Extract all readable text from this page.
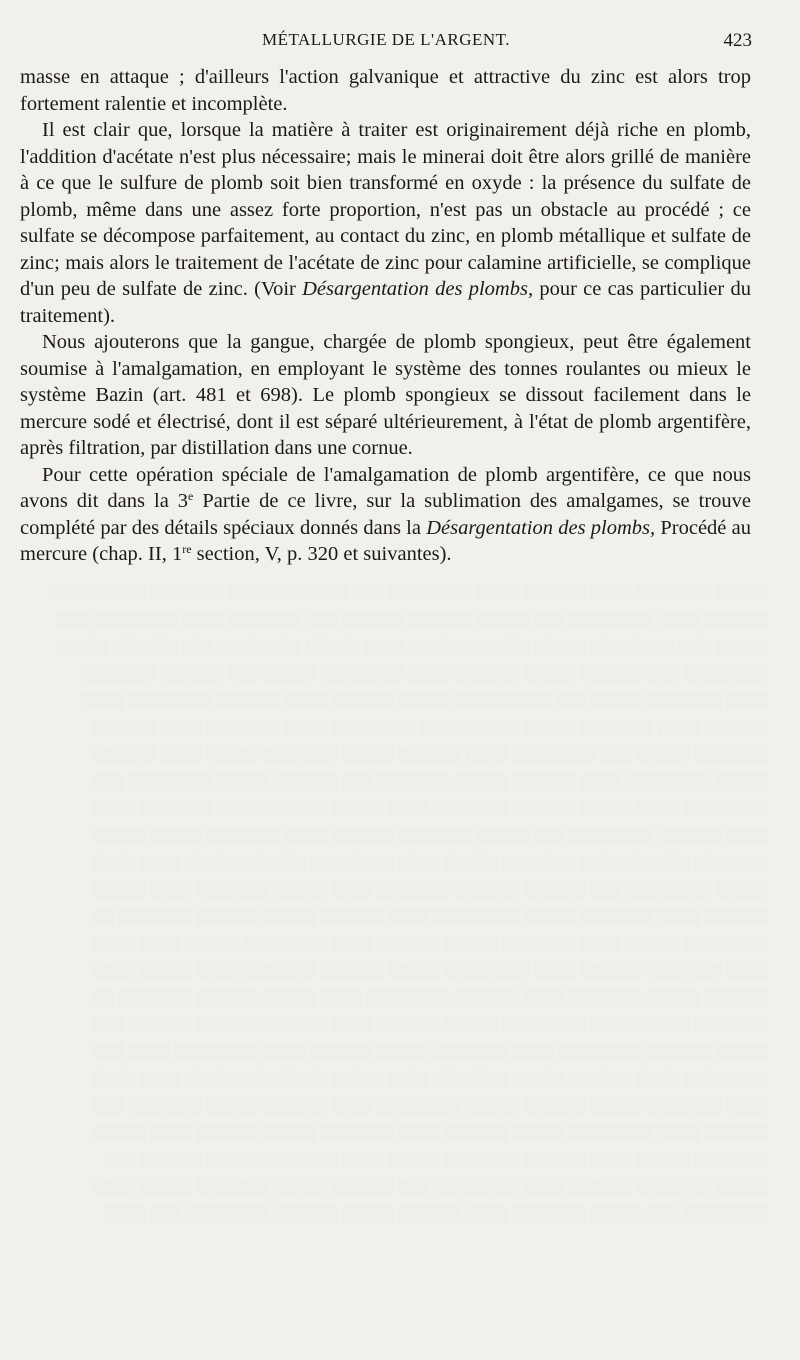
MÉTALLURGIE DE L'ARGENT.	423

masse en attaque ; d'ailleurs l'action galvanique et attractive du zinc est alors trop fortement ralentie et incomplète.

Il est clair que, lorsque la matière à traiter est originairement déjà riche en plomb, l'addition d'acétate n'est plus nécessaire; mais le minerai doit être alors grillé de manière à ce que le sulfure de plomb soit bien transformé en oxyde : la présence du sulfate de plomb, même dans une assez forte proportion, n'est pas un obstacle au procédé ; ce sulfate se décompose parfaitement, au contact du zinc, en plomb métallique et sulfate de zinc; mais alors le traitement de l'acétate de zinc pour calamine artificielle, se complique d'un peu de sulfate de zinc. (Voir Désargentation des plombs, pour ce cas particulier du traitement).

Nous ajouterons que la gangue, chargée de plomb spongieux, peut être également soumise à l'amalgamation, en employant le système des tonnes roulantes ou mieux le système Bazin (art. 481 et 698). Le plomb spongieux se dissout facilement dans le mercure sodé et électrisé, dont il est séparé ultérieurement, à l'état de plomb argentifère, après filtration, par distillation dans une cornue.

Pour cette opération spéciale de l'amalgamation de plomb argentifère, ce que nous avons dit dans la 3e Partie de ce livre, sur la sublimation des amalgames, se trouve complété par des détails spéciaux donnés dans la Désargentation des plombs, Procédé au mercure (chap. II, 1re section, V, p. 320 et suivantes).

░░░░░ ░░░░░░░ ░░░░ ░░░░░░ ░░░░ ░░░░░░░░ ░░░ ░░░░░ ░░░░░░ ░░░░░░░ ░░░░░ ░░░░
░░░░░░ ░░░░ ░░░░░░░░ ░░░ ░░░░░ ░░░░░░ ░░░░░░ ░░░ ░░░░░░░ ░░░░ ░░░░░░░░ ░░░
░░░░░ ░░░ ░░░░░░░░ ░░░░░ ░░░░ ░░░░░░░ ░░░░ ░░░░░ ░░░░░░░░ ░░░ ░░░░░░ ░░░░░
░░░░░░░░ ░░░ ░░░░░░ ░░░░░ ░░░░░░ ░░░░ ░░░░░░░░ ░░░░░ ░░░ ░░░░░░ ░░░░░░░
░░░░ ░░░░░░░ ░░░░░ ░░░ ░░░░░░░░░ ░░░░░ ░░░░░░ ░░░░ ░░░░░░ ░░░░░░░░ ░░░░
░░░░░░ ░░░░ ░░░░░░░ ░░░░░ ░░░░░░ ░░░ ░░░░░░░░ ░░░░ ░░░░░░░ ░░░░ ░░░░░░
░░░░░░░ ░░░░░ ░░░ ░░░░░░░░ ░░░░ ░░░░░░ ░░░░░ ░░░░░░░ ░░░░░ ░░░░ ░░░░░░
░░░░░ ░░░░░░░░ ░░░░ ░░░░░░ ░░░░░ ░░░░░░░ ░░░ ░░░░░░ ░░░░░ ░░░░░░░░ ░░░
░░░░░░░░ ░░░░ ░░░░░ ░░░░░░ ░░░░░░░ ░░░░ ░░░░░ ░░░░░░ ░░░░ ░░░░░░░ ░░░░
░░░░ ░░░░░░ ░░░░░░░░ ░░░ ░░░░░ ░░░░░░░ ░░░░░░ ░░░░ ░░░░░░░ ░░░░░ ░░░░░
░░░░░░░ ░░░░ ░░░░░░ ░░░░░░░ ░░░░░ ░░░░ ░░░░░░░░ ░░░░░ ░░░░░░ ░░░░ ░░░░
░░░░░ ░░░░░░░░ ░░░ ░░░░░░ ░░░░░░ ░░░░░░░ ░░░░ ░░░░░ ░░░░░░░ ░░░░ ░░░░░
░░░░░░ ░░░░ ░░░░░░░ ░░░░░ ░░░░░░░░ ░░░░ ░░░░░░ ░░░░░ ░░░░░░ ░░░░░░░ ░░
░░░░░░░░ ░░░░░ ░░░░ ░░░░░░░ ░░░░░ ░░░░░░ ░░░░ ░░░░░░░░ ░░░░░ ░░░░ ░░░░
░░░░ ░░░░░░░ ░░░░░░ ░░░░ ░░░░░░░░ ░░░░░ ░░░░░░ ░░░░░░░ ░░░░ ░░░░░ ░░░░
░░░░░░ ░░░░░ ░░░░░░░ ░░░░ ░░░░░░ ░░░░░░░░ ░░░░ ░░░░░ ░░░░░░ ░░░░░░░ ░░
░░░░░░░ ░░░░ ░░░░░ ░░░░░░░░ ░░░░░ ░░░░░░ ░░░░ ░░░░░░░ ░░░░░ ░░░░░░ ░░░
░░░░░ ░░░░░░ ░░░░░░░░ ░░░░ ░░░░░░░ ░░░░░ ░░░░░░ ░░░░ ░░░░░░░░ ░░░░ ░░░
░░░░░░░░ ░░░░ ░░░░░░ ░░░░░ ░░░░░░░ ░░░░ ░░░░░ ░░░░░░░ ░░░░░░ ░░░░ ░░░░
░░░░ ░░░░░░░ ░░░░░ ░░░░░░ ░░░░░ ░░░░░░░░ ░░░░ ░░░░░░ ░░░░░ ░░░░░░░ ░░░
░░░░░░ ░░░░ ░░░░░░░░ ░░░░░ ░░░░░░ ░░░░ ░░░░░░░ ░░░░░ ░░░░░░ ░░░░ ░░░░░
░░░░░░░ ░░░░░ ░░░░ ░░░░░░ ░░░░░░░ ░░░░░ ░░░░ ░░░░░░░░ ░░░░ ░░░░░░ ░░░
░░░░░ ░░░░░░░ ░░░░░░ ░░░░ ░░░░░░░░ ░░░ ░░░░░░ ░░░░░ ░░░░░░░ ░░░░░ ░░░░
░░░░░░░░ ░░░ ░░░░░ ░░░░░░░ ░░░░ ░░░░░░ ░░░░░ ░░░░░░ ░░░░░░░░ ░░░ ░░░░
